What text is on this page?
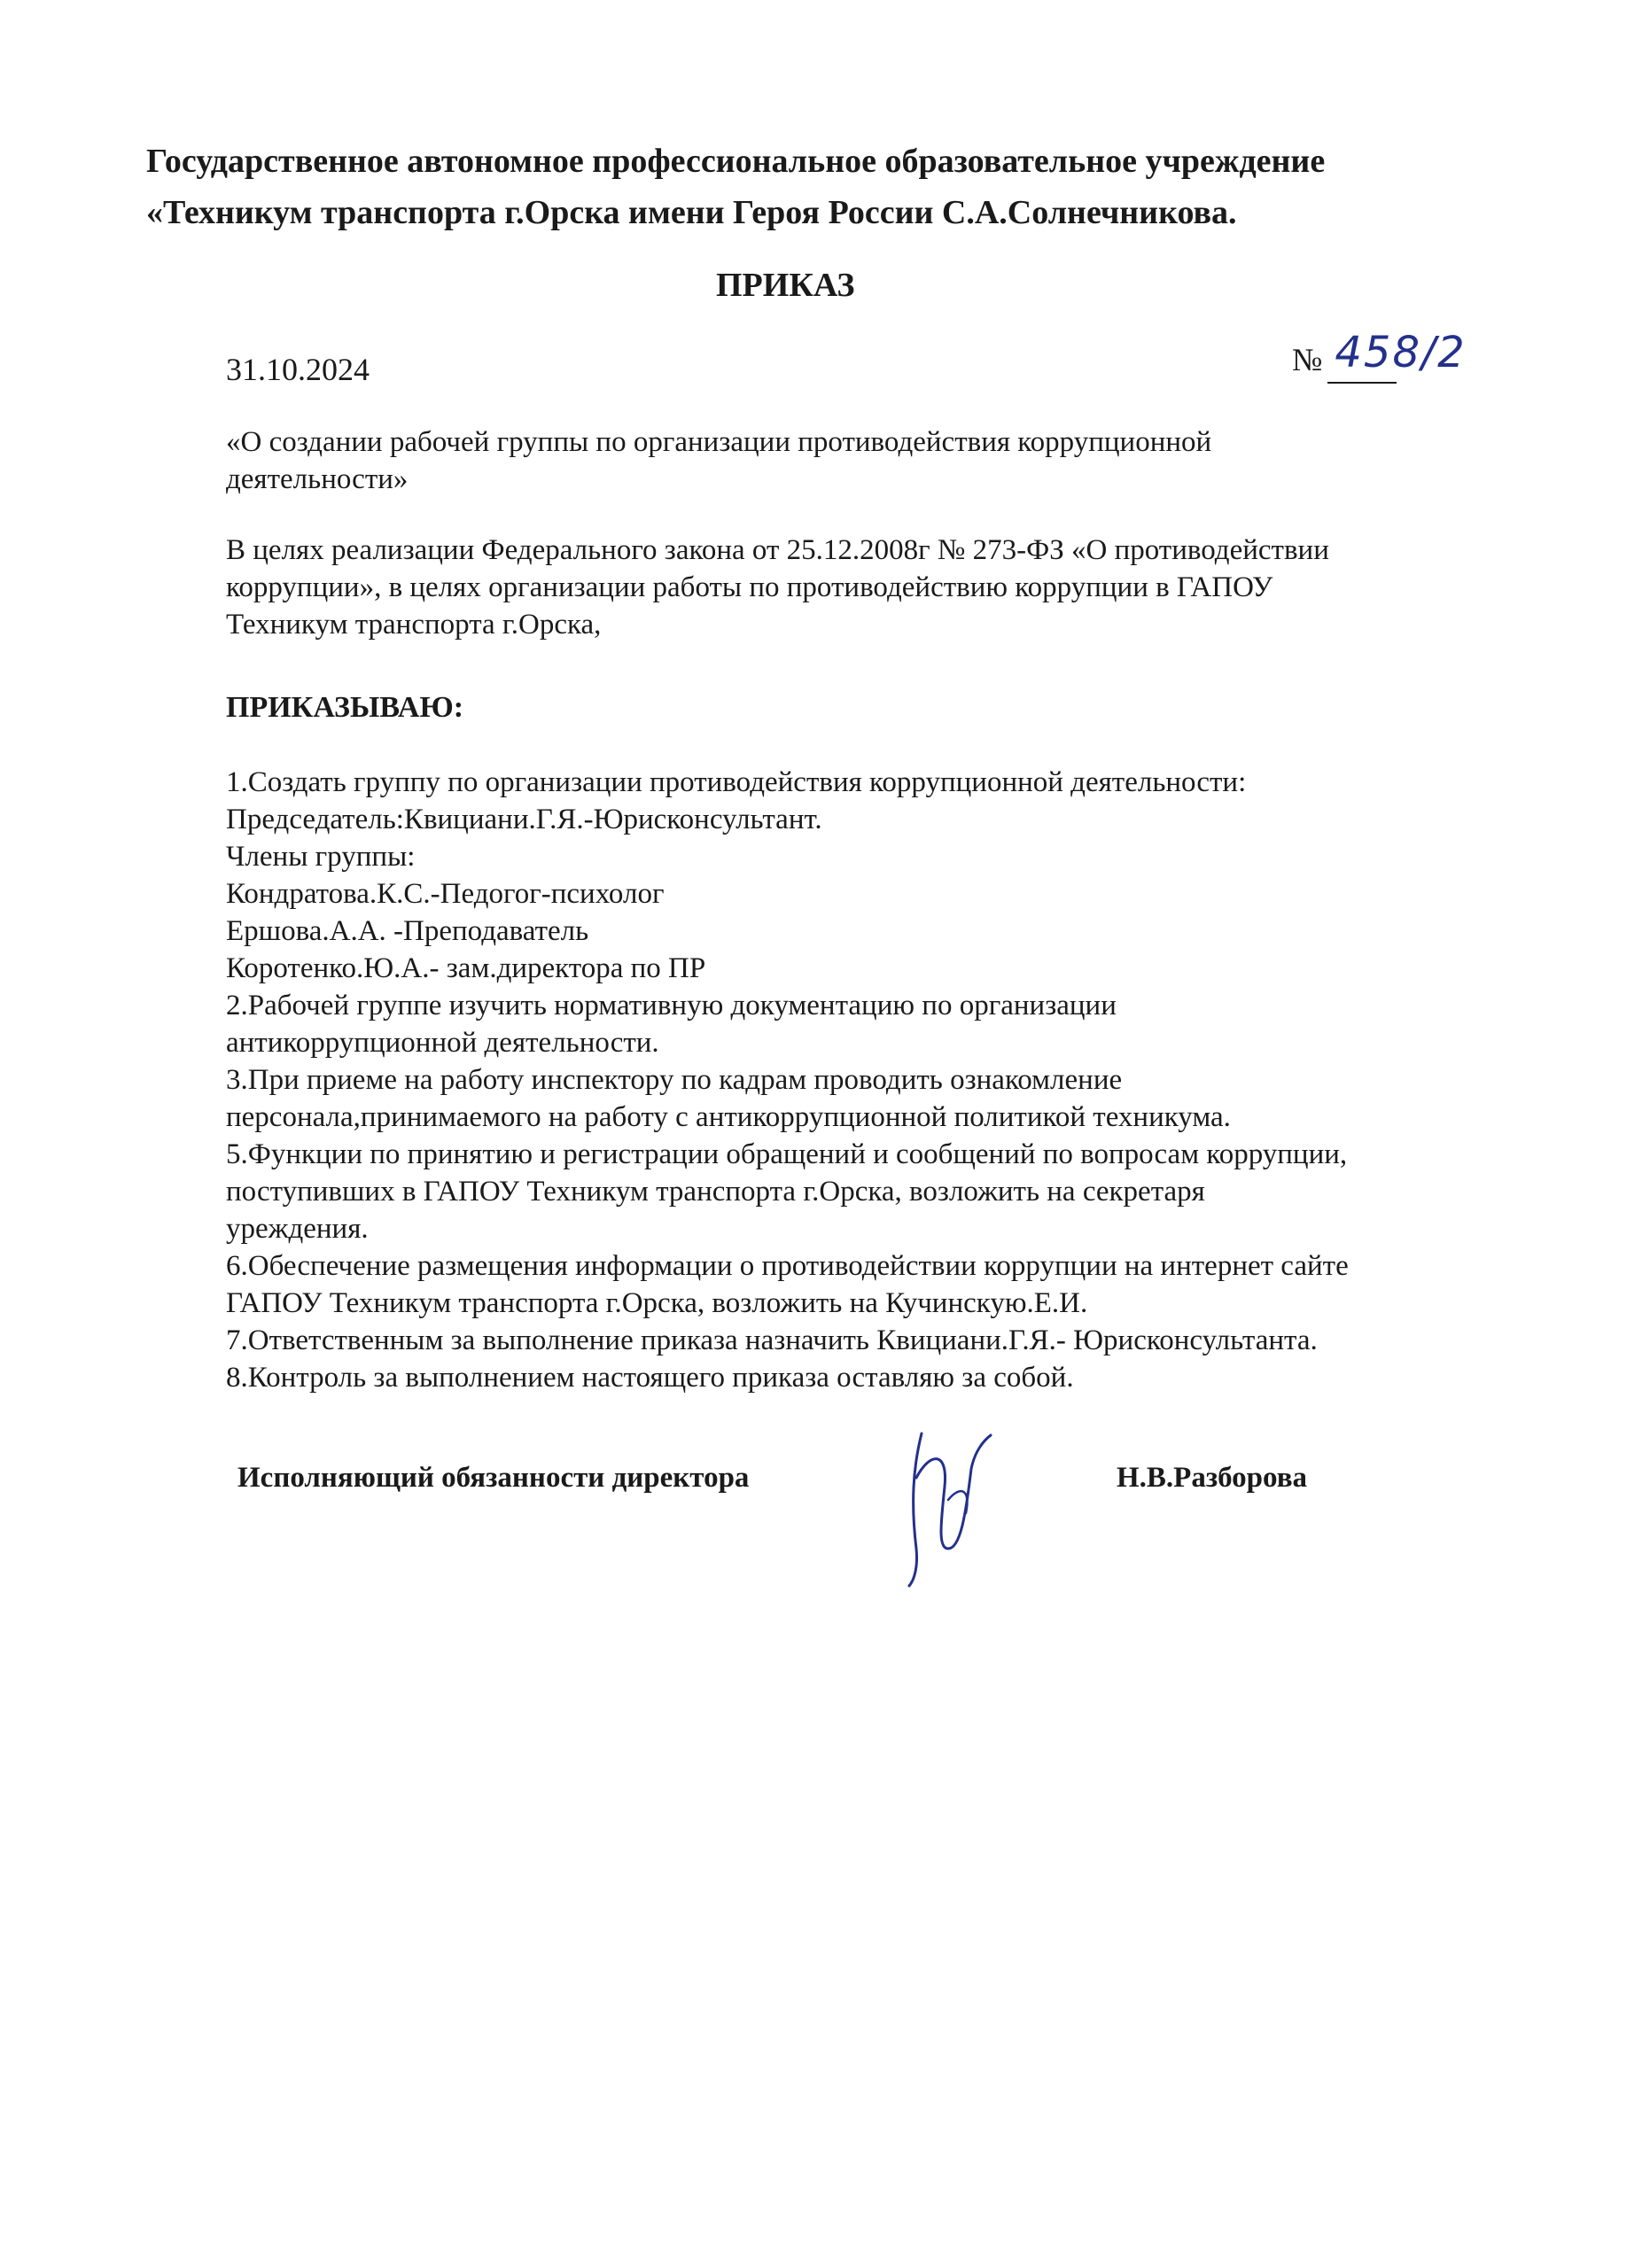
Государственное автономное профессиональное образовательное учреждение

«Техникум транспорта г.Орска имени Героя России С.А.Солнечникова.

ПРИКАЗ

31.10.2024	№ 458/2
«О создании рабочей группы по организации противодействия коррупционной
деятельности»
В целях реализации Федерального закона от 25.12.2008г № 273-ФЗ «О противодействии
коррупции», в целях организации работы по противодействию коррупции в ГАПОУ
Техникум транспорта г.Орска,

ПРИКАЗЫВАЮ:

1.Создать группу по организации противодействия коррупционной деятельности:
Председатель:Квициани.Г.Я.-Юрисконсультант.
Члены группы:
Кондратова.К.С.-Педогог-психолог
Ершова.А.А. -Преподаватель
Коротенко.Ю.А.- зам.директора по ПР
2.Рабочей группе изучить нормативную документацию по организации
антикоррупционной деятельности.
3.При приеме на работу инспектору по кадрам проводить ознакомление
персонала,принимаемого на работу с антикоррупционной политикой техникума.
5.Функции по принятию и регистрации обращений и сообщений по вопросам коррупции,
поступивших в ГАПОУ Техникум транспорта г.Орска, возложить на секретаря
уреждения.
6.Обеспечение размещения информации о противодействии коррупции на интернет сайте
ГАПОУ Техникум транспорта г.Орска, возложить на Кучинскую.Е.И.
7.Ответственным за выполнение приказа назначить Квициани.Г.Я.- Юрисконсультанта.
8.Контроль за выполнением настоящего приказа оставляю за собой.

Исполняющий обязанности директора	Н.В.Разборова
